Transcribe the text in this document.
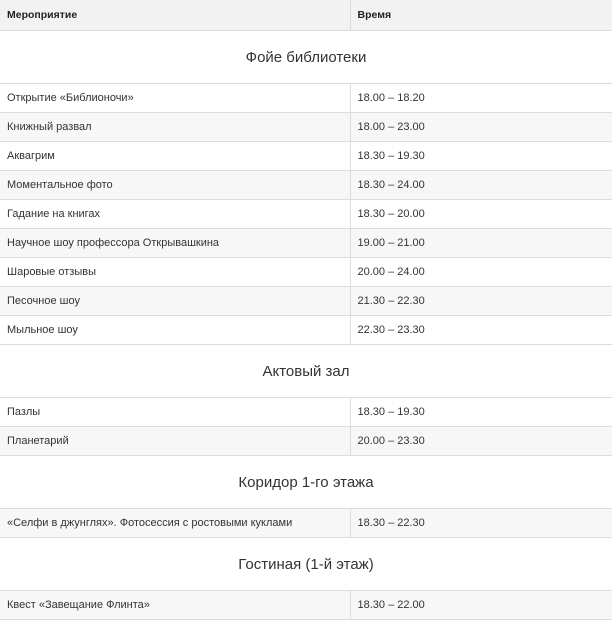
Мероприятие	Время
Фойе библиотеки	
Открытие «Библионочи»	18.00 – 18.20
Книжный развал	18.00 – 23.00
Аквагрим	18.30 – 19.30
Моментальное фото	18.30 – 24.00
Гадание на книгах	18.30 – 20.00
Научное шоу профессора Открывашкина	19.00 – 21.00
Шаровые отзывы	20.00 – 24.00
Песочное шоу	21.30 – 22.30
Мыльное шоу	22.30 – 23.30
Актовый зал	
Пазлы	18.30 – 19.30
Планетарий	20.00 – 23.30
Коридор 1-го этажа	
«Селфи в джунглях». Фотосессия с ростовыми куклами	18.30 – 22.30
Гостиная (1-й этаж)	
Квест «Завещание Флинта»	18.30 – 22.00
